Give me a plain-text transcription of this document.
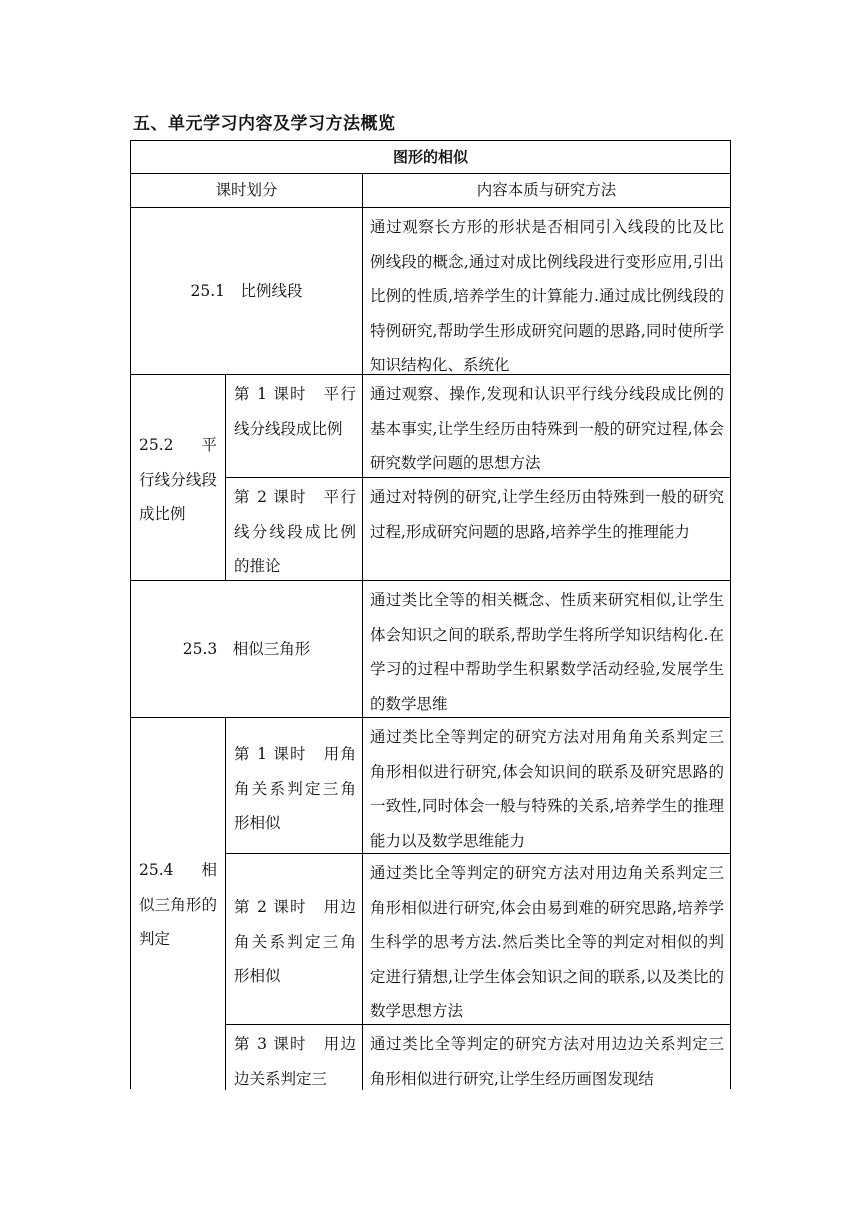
五、单元学习内容及学习方法概览
图形的相似
课时划分	内容本质与研究方法
25.1　比例线段
通过观察长方形的形状是否相同引入线段的比及比例线段的概念,通过对成比例线段进行变形应用,引出比例的性质,培养学生的计算能力.通过成比例线段的特例研究,帮助学生形成研究问题的思路,同时使所学知识结构化、系统化
25.2　平行线分线段成比例
第 1 课时　平行线分线段成比例
通过观察、操作,发现和认识平行线分线段成比例的基本事实,让学生经历由特殊到一般的研究过程,体会研究数学问题的思想方法
第 2 课时　平行线分线段成比例的推论
通过对特例的研究,让学生经历由特殊到一般的研究过程,形成研究问题的思路,培养学生的推理能力
25.3　相似三角形
通过类比全等的相关概念、性质来研究相似,让学生体会知识之间的联系,帮助学生将所学知识结构化.在学习的过程中帮助学生积累数学活动经验,发展学生的数学思维
25.4　相似三角形的判定
第 1 课时　用角角关系判定三角形相似
通过类比全等判定的研究方法对用角角关系判定三角形相似进行研究,体会知识间的联系及研究思路的一致性,同时体会一般与特殊的关系,培养学生的推理能力以及数学思维能力
第 2 课时　用边角关系判定三角形相似
通过类比全等判定的研究方法对用边角关系判定三角形相似进行研究,体会由易到难的研究思路,培养学生科学的思考方法.然后类比全等的判定对相似的判定进行猜想,让学生体会知识之间的联系,以及类比的数学思想方法
第 3 课时　用边边关系判定三
通过类比全等判定的研究方法对用边边关系判定三角形相似进行研究,让学生经历画图发现结
